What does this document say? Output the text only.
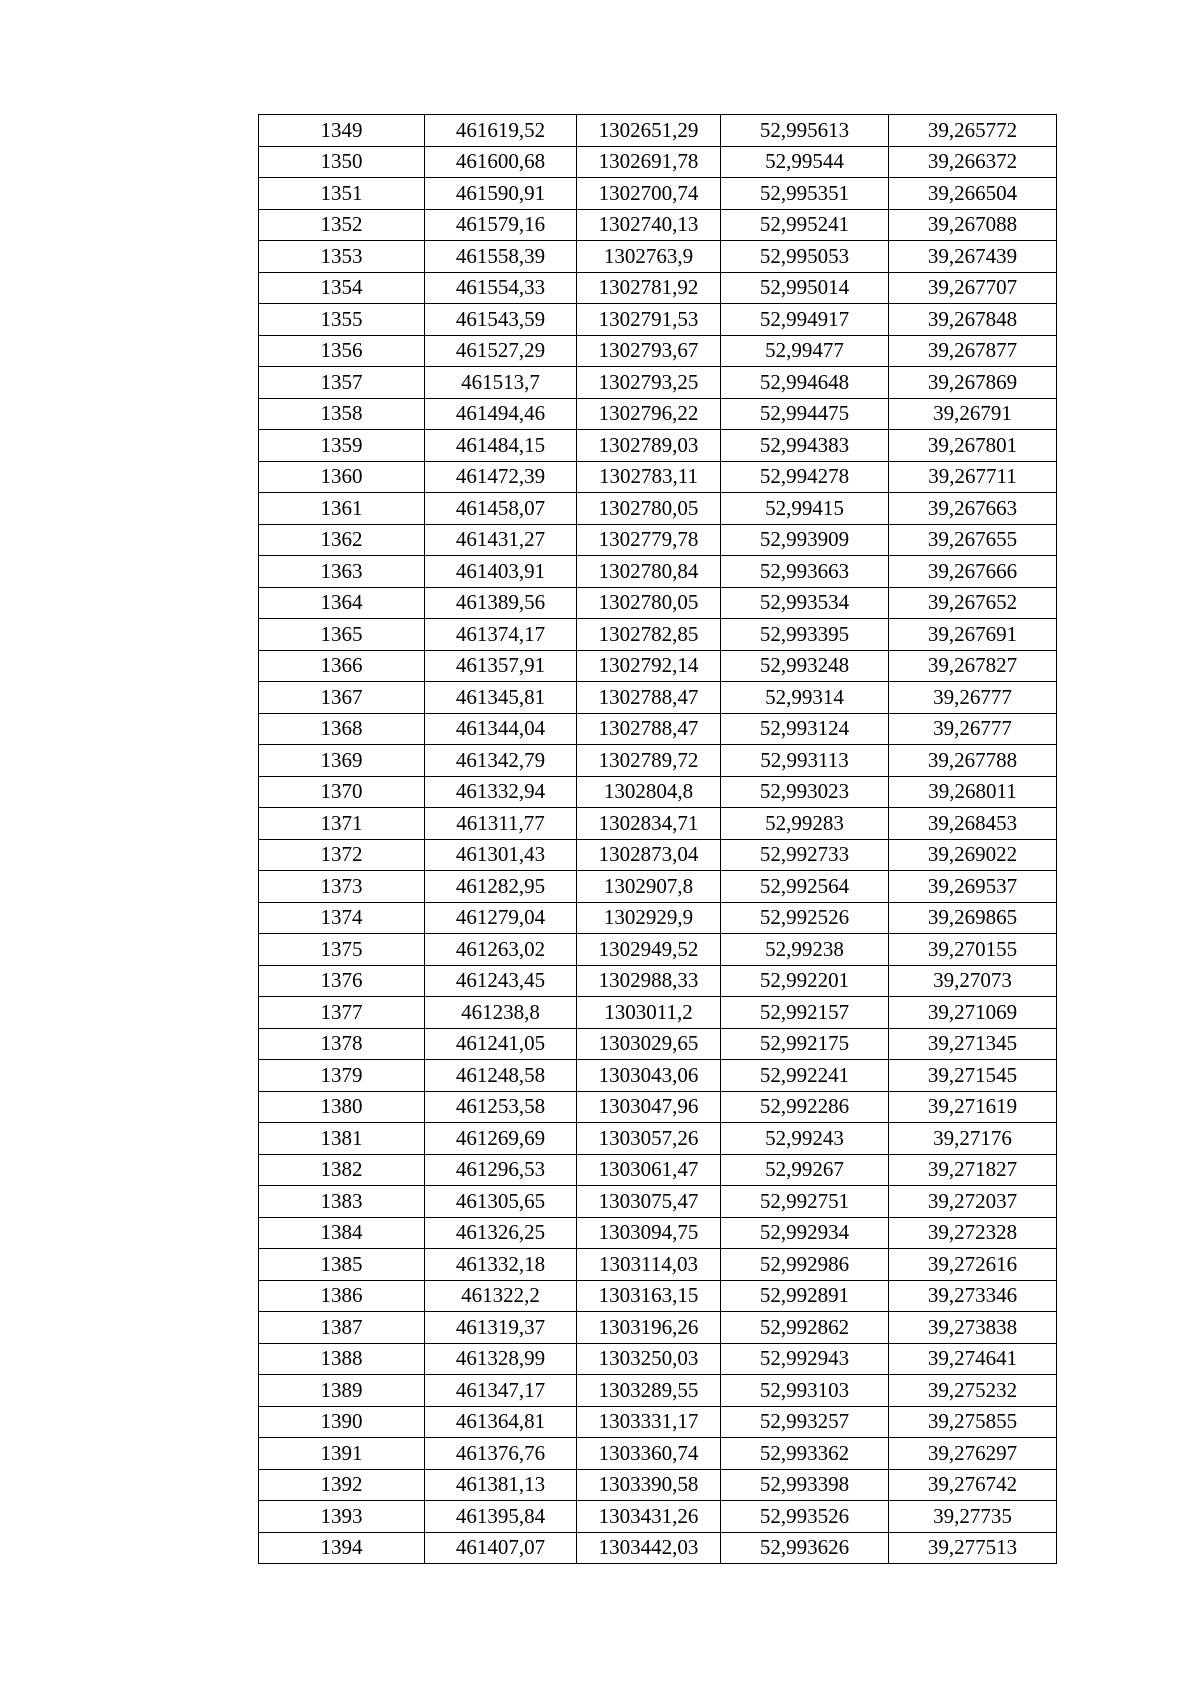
1349	461619,52	1302651,29	52,995613	39,265772
1350	461600,68	1302691,78	52,99544	39,266372
1351	461590,91	1302700,74	52,995351	39,266504
1352	461579,16	1302740,13	52,995241	39,267088
1353	461558,39	1302763,9	52,995053	39,267439
1354	461554,33	1302781,92	52,995014	39,267707
1355	461543,59	1302791,53	52,994917	39,267848
1356	461527,29	1302793,67	52,99477	39,267877
1357	461513,7	1302793,25	52,994648	39,267869
1358	461494,46	1302796,22	52,994475	39,26791
1359	461484,15	1302789,03	52,994383	39,267801
1360	461472,39	1302783,11	52,994278	39,267711
1361	461458,07	1302780,05	52,99415	39,267663
1362	461431,27	1302779,78	52,993909	39,267655
1363	461403,91	1302780,84	52,993663	39,267666
1364	461389,56	1302780,05	52,993534	39,267652
1365	461374,17	1302782,85	52,993395	39,267691
1366	461357,91	1302792,14	52,993248	39,267827
1367	461345,81	1302788,47	52,99314	39,26777
1368	461344,04	1302788,47	52,993124	39,26777
1369	461342,79	1302789,72	52,993113	39,267788
1370	461332,94	1302804,8	52,993023	39,268011
1371	461311,77	1302834,71	52,99283	39,268453
1372	461301,43	1302873,04	52,992733	39,269022
1373	461282,95	1302907,8	52,992564	39,269537
1374	461279,04	1302929,9	52,992526	39,269865
1375	461263,02	1302949,52	52,99238	39,270155
1376	461243,45	1302988,33	52,992201	39,27073
1377	461238,8	1303011,2	52,992157	39,271069
1378	461241,05	1303029,65	52,992175	39,271345
1379	461248,58	1303043,06	52,992241	39,271545
1380	461253,58	1303047,96	52,992286	39,271619
1381	461269,69	1303057,26	52,99243	39,27176
1382	461296,53	1303061,47	52,99267	39,271827
1383	461305,65	1303075,47	52,992751	39,272037
1384	461326,25	1303094,75	52,992934	39,272328
1385	461332,18	1303114,03	52,992986	39,272616
1386	461322,2	1303163,15	52,992891	39,273346
1387	461319,37	1303196,26	52,992862	39,273838
1388	461328,99	1303250,03	52,992943	39,274641
1389	461347,17	1303289,55	52,993103	39,275232
1390	461364,81	1303331,17	52,993257	39,275855
1391	461376,76	1303360,74	52,993362	39,276297
1392	461381,13	1303390,58	52,993398	39,276742
1393	461395,84	1303431,26	52,993526	39,27735
1394	461407,07	1303442,03	52,993626	39,277513
